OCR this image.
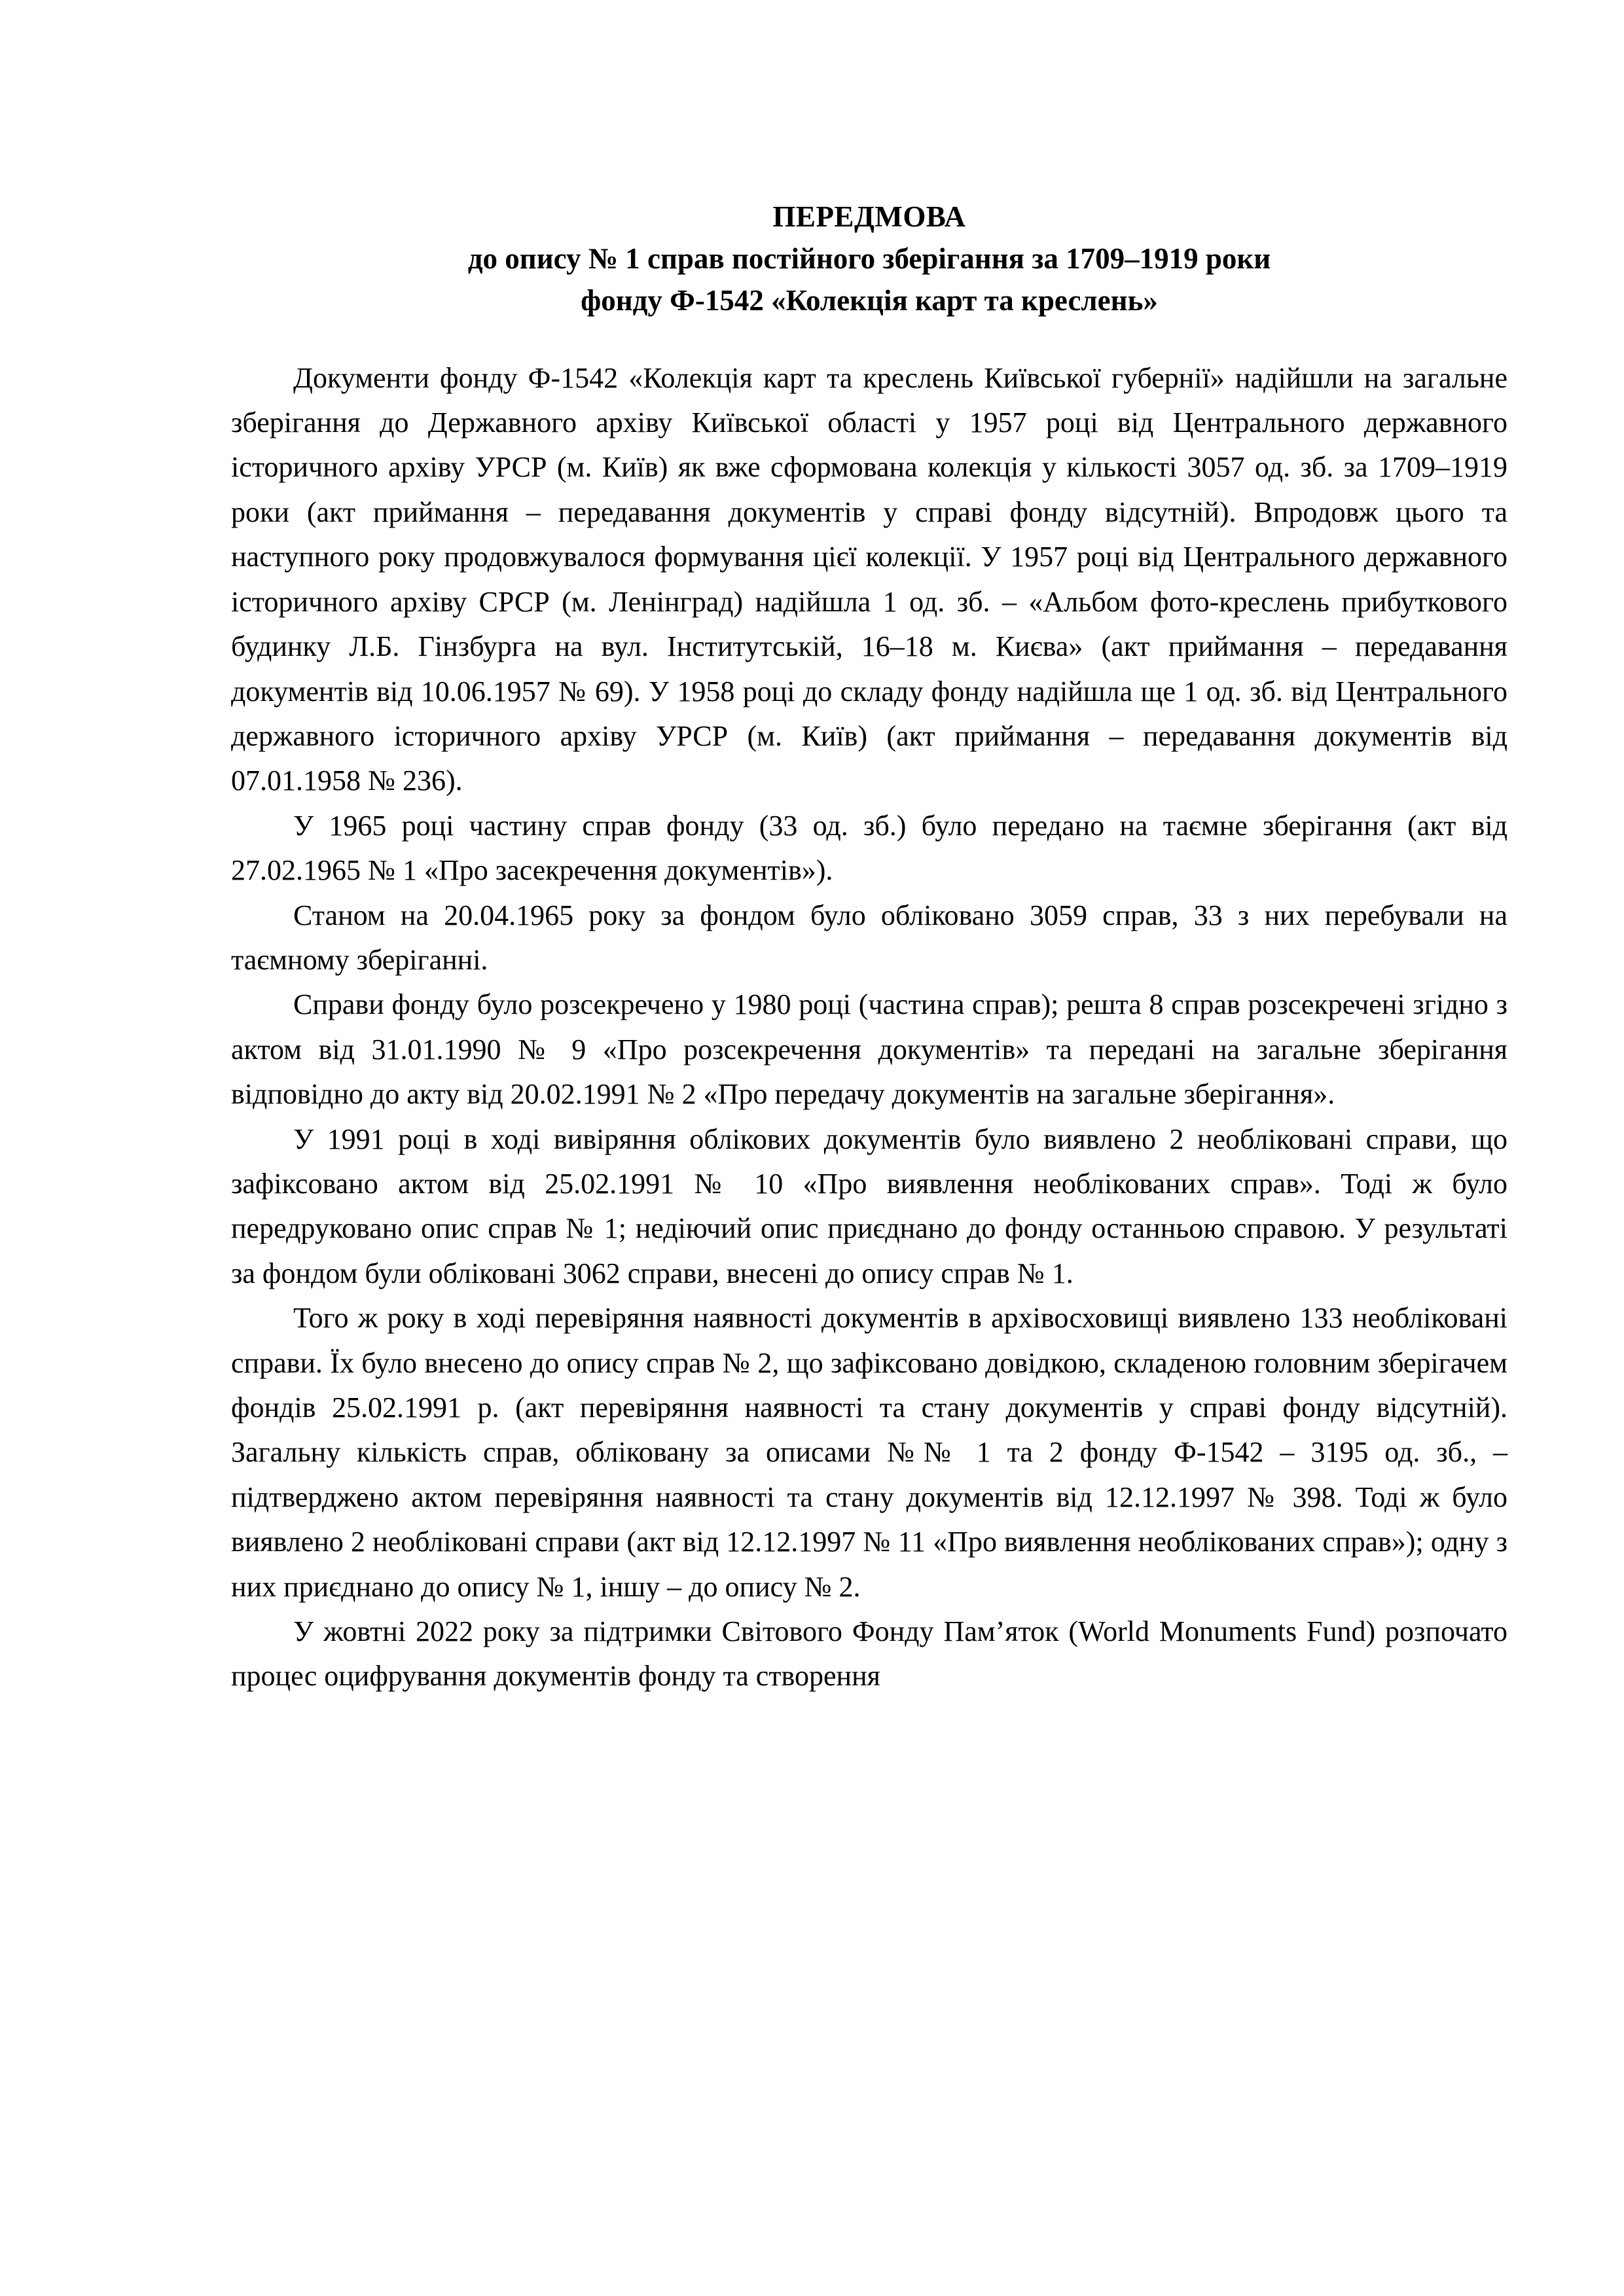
ПЕРЕДМОВА
до опису № 1 справ постійного зберігання за 1709–1919 роки
фонду Ф-1542 «Колекція карт та креслень»

Документи фонду Ф-1542 «Колекція карт та креслень Київської губернії» надійшли на загальне зберігання до Державного архіву Київської області у 1957 році від Центрального державного історичного архіву УРСР (м. Київ) як вже сформована колекція у кількості 3057 од. зб. за 1709–1919 роки (акт приймання – передавання документів у справі фонду відсутній). Впродовж цього та наступного року продовжувалося формування цієї колекції. У 1957 році від Центрального державного історичного архіву СРСР (м. Ленінград) надійшла 1 од. зб. – «Альбом фото-креслень прибуткового будинку Л.Б. Гінзбурга на вул. Інститутській, 16–18 м. Києва» (акт приймання – передавання документів від 10.06.1957 № 69). У 1958 році до складу фонду надійшла ще 1 од. зб. від Центрального державного історичного архіву УРСР (м. Київ) (акт приймання – передавання документів від 07.01.1958 № 236).

У 1965 році частину справ фонду (33 од. зб.) було передано на таємне зберігання (акт від 27.02.1965 № 1 «Про засекречення документів»).

Станом на 20.04.1965 року за фондом було обліковано 3059 справ, 33 з них перебували на таємному зберіганні.

Справи фонду було розсекречено у 1980 році (частина справ); решта 8 справ розсекречені згідно з актом від 31.01.1990 № 9 «Про розсекречення документів» та передані на загальне зберігання відповідно до акту від 20.02.1991 № 2 «Про передачу документів на загальне зберігання».

У 1991 році в ході вивіряння облікових документів було виявлено 2 необліковані справи, що зафіксовано актом від 25.02.1991 № 10 «Про виявлення необлікованих справ». Тоді ж було передруковано опис справ № 1; недіючий опис приєднано до фонду останньою справою. У результаті за фондом були обліковані 3062 справи, внесені до опису справ № 1.

Того ж року в ході перевіряння наявності документів в архівосховищі виявлено 133 необліковані справи. Їх було внесено до опису справ № 2, що зафіксовано довідкою, складеною головним зберігачем фондів 25.02.1991 р. (акт перевіряння наявності та стану документів у справі фонду відсутній). Загальну кількість справ, обліковану за описами №№ 1 та 2 фонду Ф-1542 – 3195 од. зб., – підтверджено актом перевіряння наявності та стану документів від 12.12.1997 № 398. Тоді ж було виявлено 2 необліковані справи (акт від 12.12.1997 № 11 «Про виявлення необлікованих справ»); одну з них приєднано до опису № 1, іншу – до опису № 2.

У жовтні 2022 року за підтримки Світового Фонду Пам’яток (World Monuments Fund) розпочато процес оцифрування документів фонду та створення
